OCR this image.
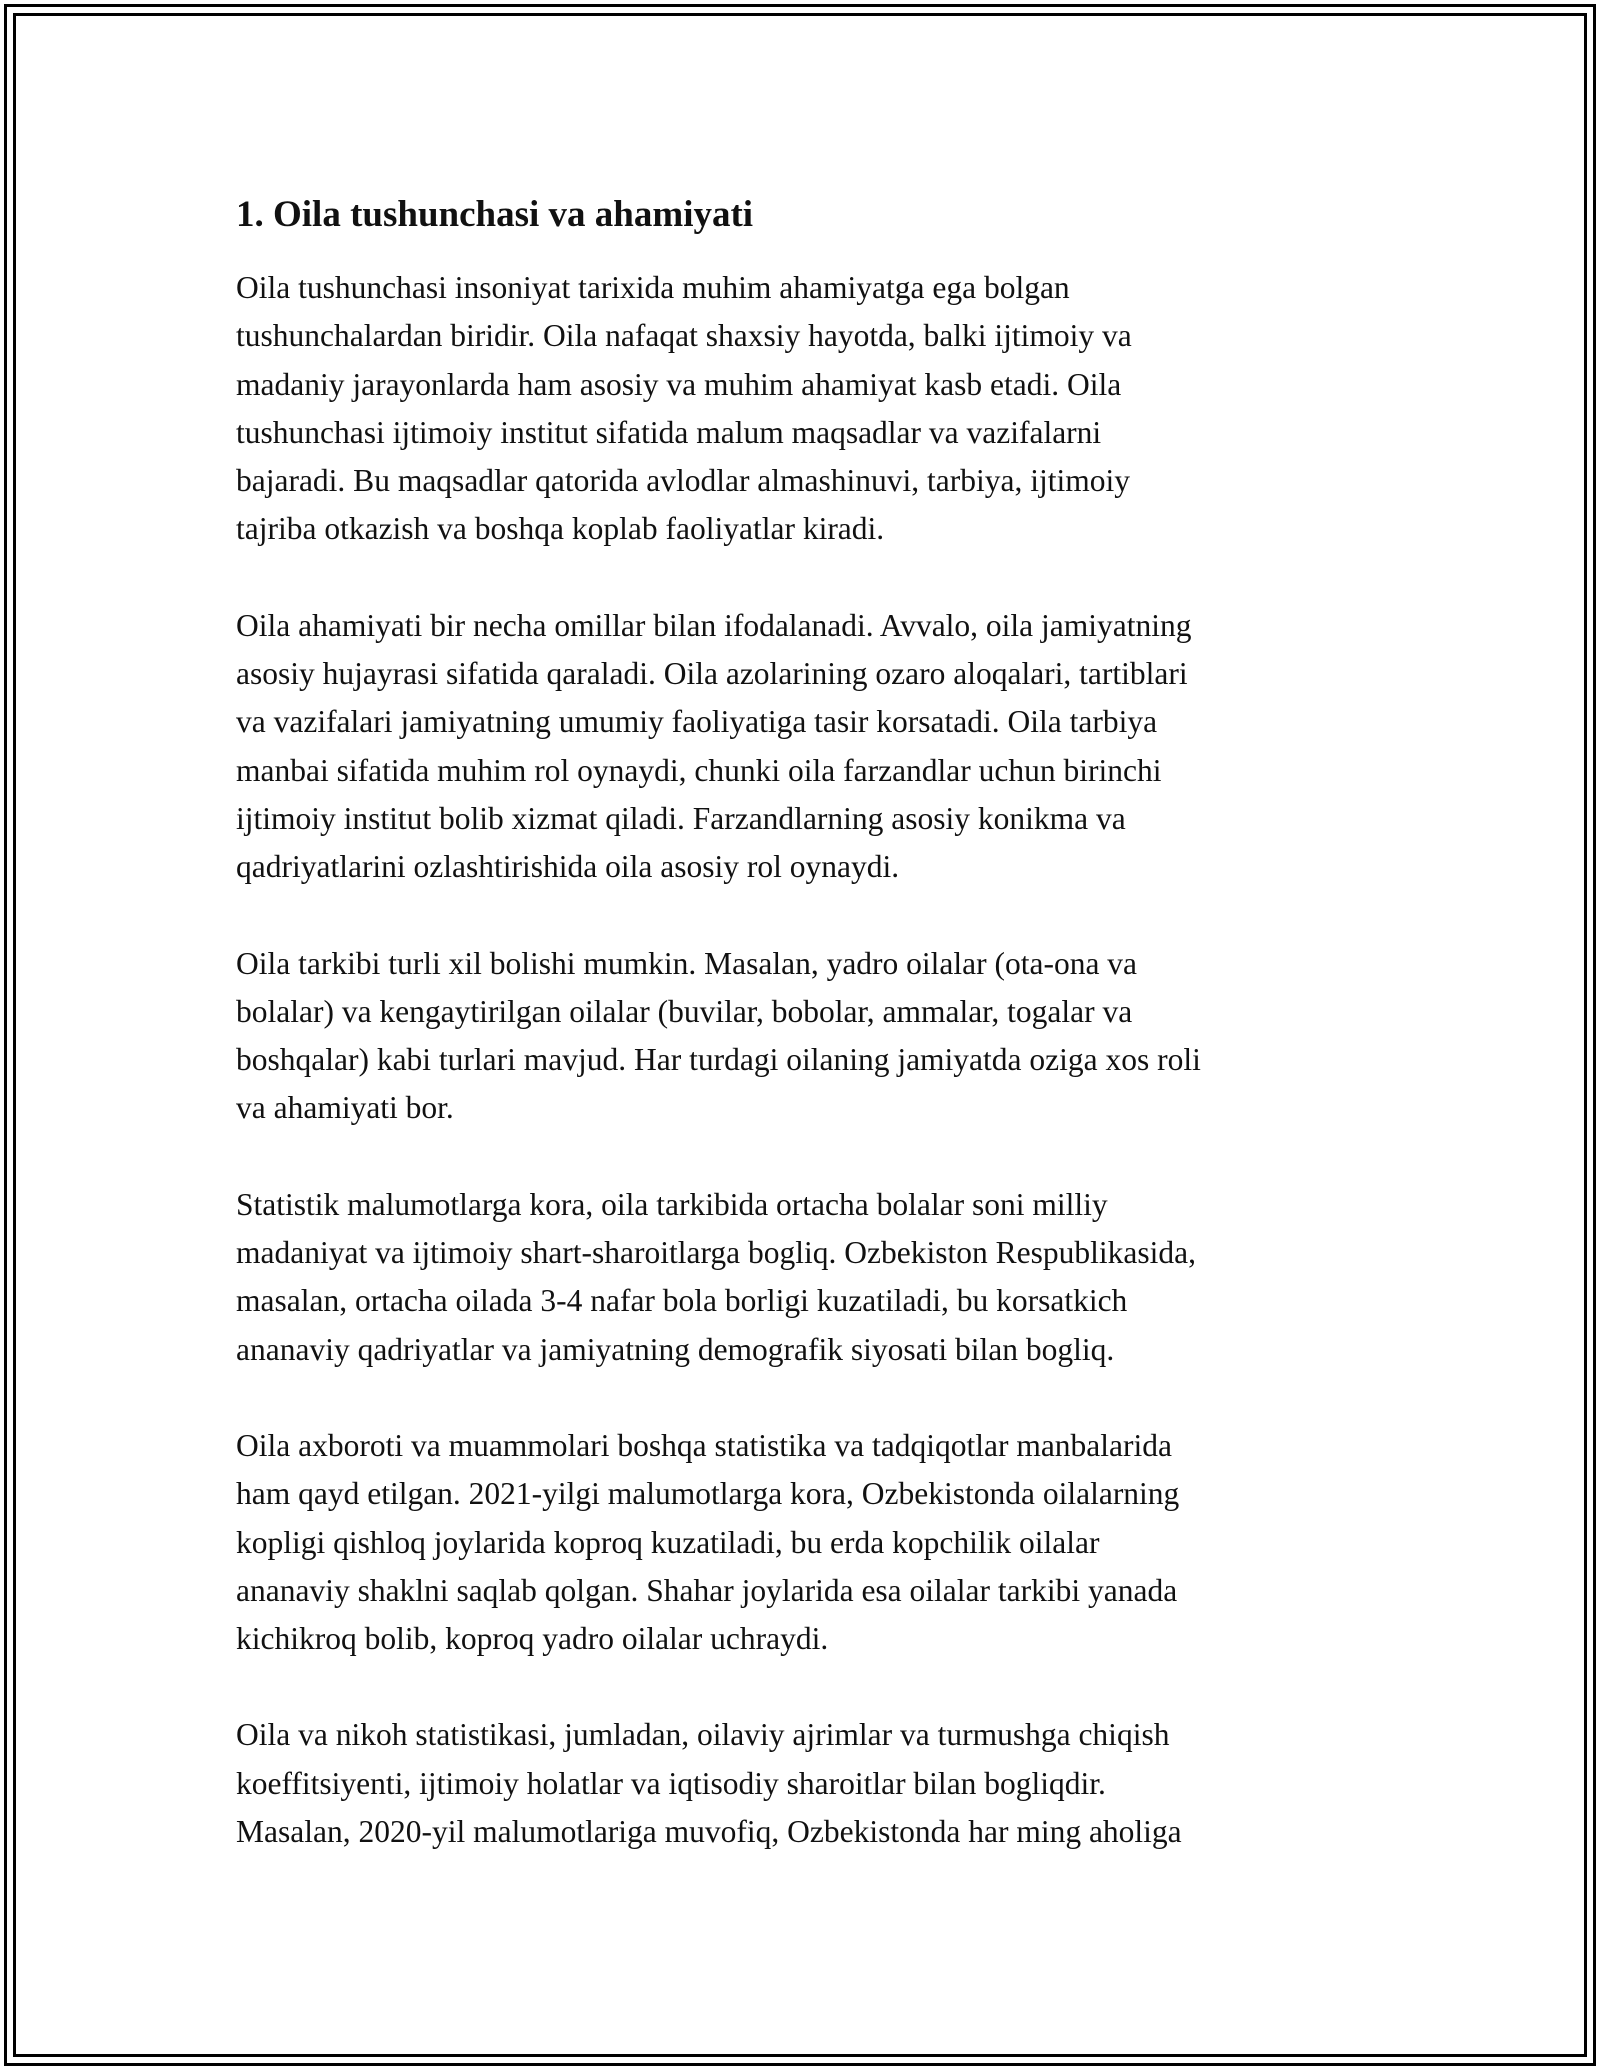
1. Oila tushunchasi va ahamiyati

Oila tushunchasi insoniyat tarixida muhim ahamiyatga ega bolgan
tushunchalardan biridir. Oila nafaqat shaxsiy hayotda, balki ijtimoiy va
madaniy jarayonlarda ham asosiy va muhim ahamiyat kasb etadi. Oila
tushunchasi ijtimoiy institut sifatida malum maqsadlar va vazifalarni
bajaradi. Bu maqsadlar qatorida avlodlar almashinuvi, tarbiya, ijtimoiy
tajriba otkazish va boshqa koplab faoliyatlar kiradi.

Oila ahamiyati bir necha omillar bilan ifodalanadi. Avvalo, oila jamiyatning
asosiy hujayrasi sifatida qaraladi. Oila azolarining ozaro aloqalari, tartiblari
va vazifalari jamiyatning umumiy faoliyatiga tasir korsatadi. Oila tarbiya
manbai sifatida muhim rol oynaydi, chunki oila farzandlar uchun birinchi
ijtimoiy institut bolib xizmat qiladi. Farzandlarning asosiy konikma va
qadriyatlarini ozlashtirishida oila asosiy rol oynaydi.

Oila tarkibi turli xil bolishi mumkin. Masalan, yadro oilalar (ota-ona va
bolalar) va kengaytirilgan oilalar (buvilar, bobolar, ammalar, togalar va
boshqalar) kabi turlari mavjud. Har turdagi oilaning jamiyatda oziga xos roli
va ahamiyati bor.

Statistik malumotlarga kora, oila tarkibida ortacha bolalar soni milliy
madaniyat va ijtimoiy shart-sharoitlarga bogliq. Ozbekiston Respublikasida,
masalan, ortacha oilada 3-4 nafar bola borligi kuzatiladi, bu korsatkich
ananaviy qadriyatlar va jamiyatning demografik siyosati bilan bogliq.

Oila axboroti va muammolari boshqa statistika va tadqiqotlar manbalarida
ham qayd etilgan. 2021-yilgi malumotlarga kora, Ozbekistonda oilalarning
kopligi qishloq joylarida koproq kuzatiladi, bu erda kopchilik oilalar
ananaviy shaklni saqlab qolgan. Shahar joylarida esa oilalar tarkibi yanada
kichikroq bolib, koproq yadro oilalar uchraydi.

Oila va nikoh statistikasi, jumladan, oilaviy ajrimlar va turmushga chiqish
koeffitsiyenti, ijtimoiy holatlar va iqtisodiy sharoitlar bilan bogliqdir.
Masalan, 2020-yil malumotlariga muvofiq, Ozbekistonda har ming aholiga
